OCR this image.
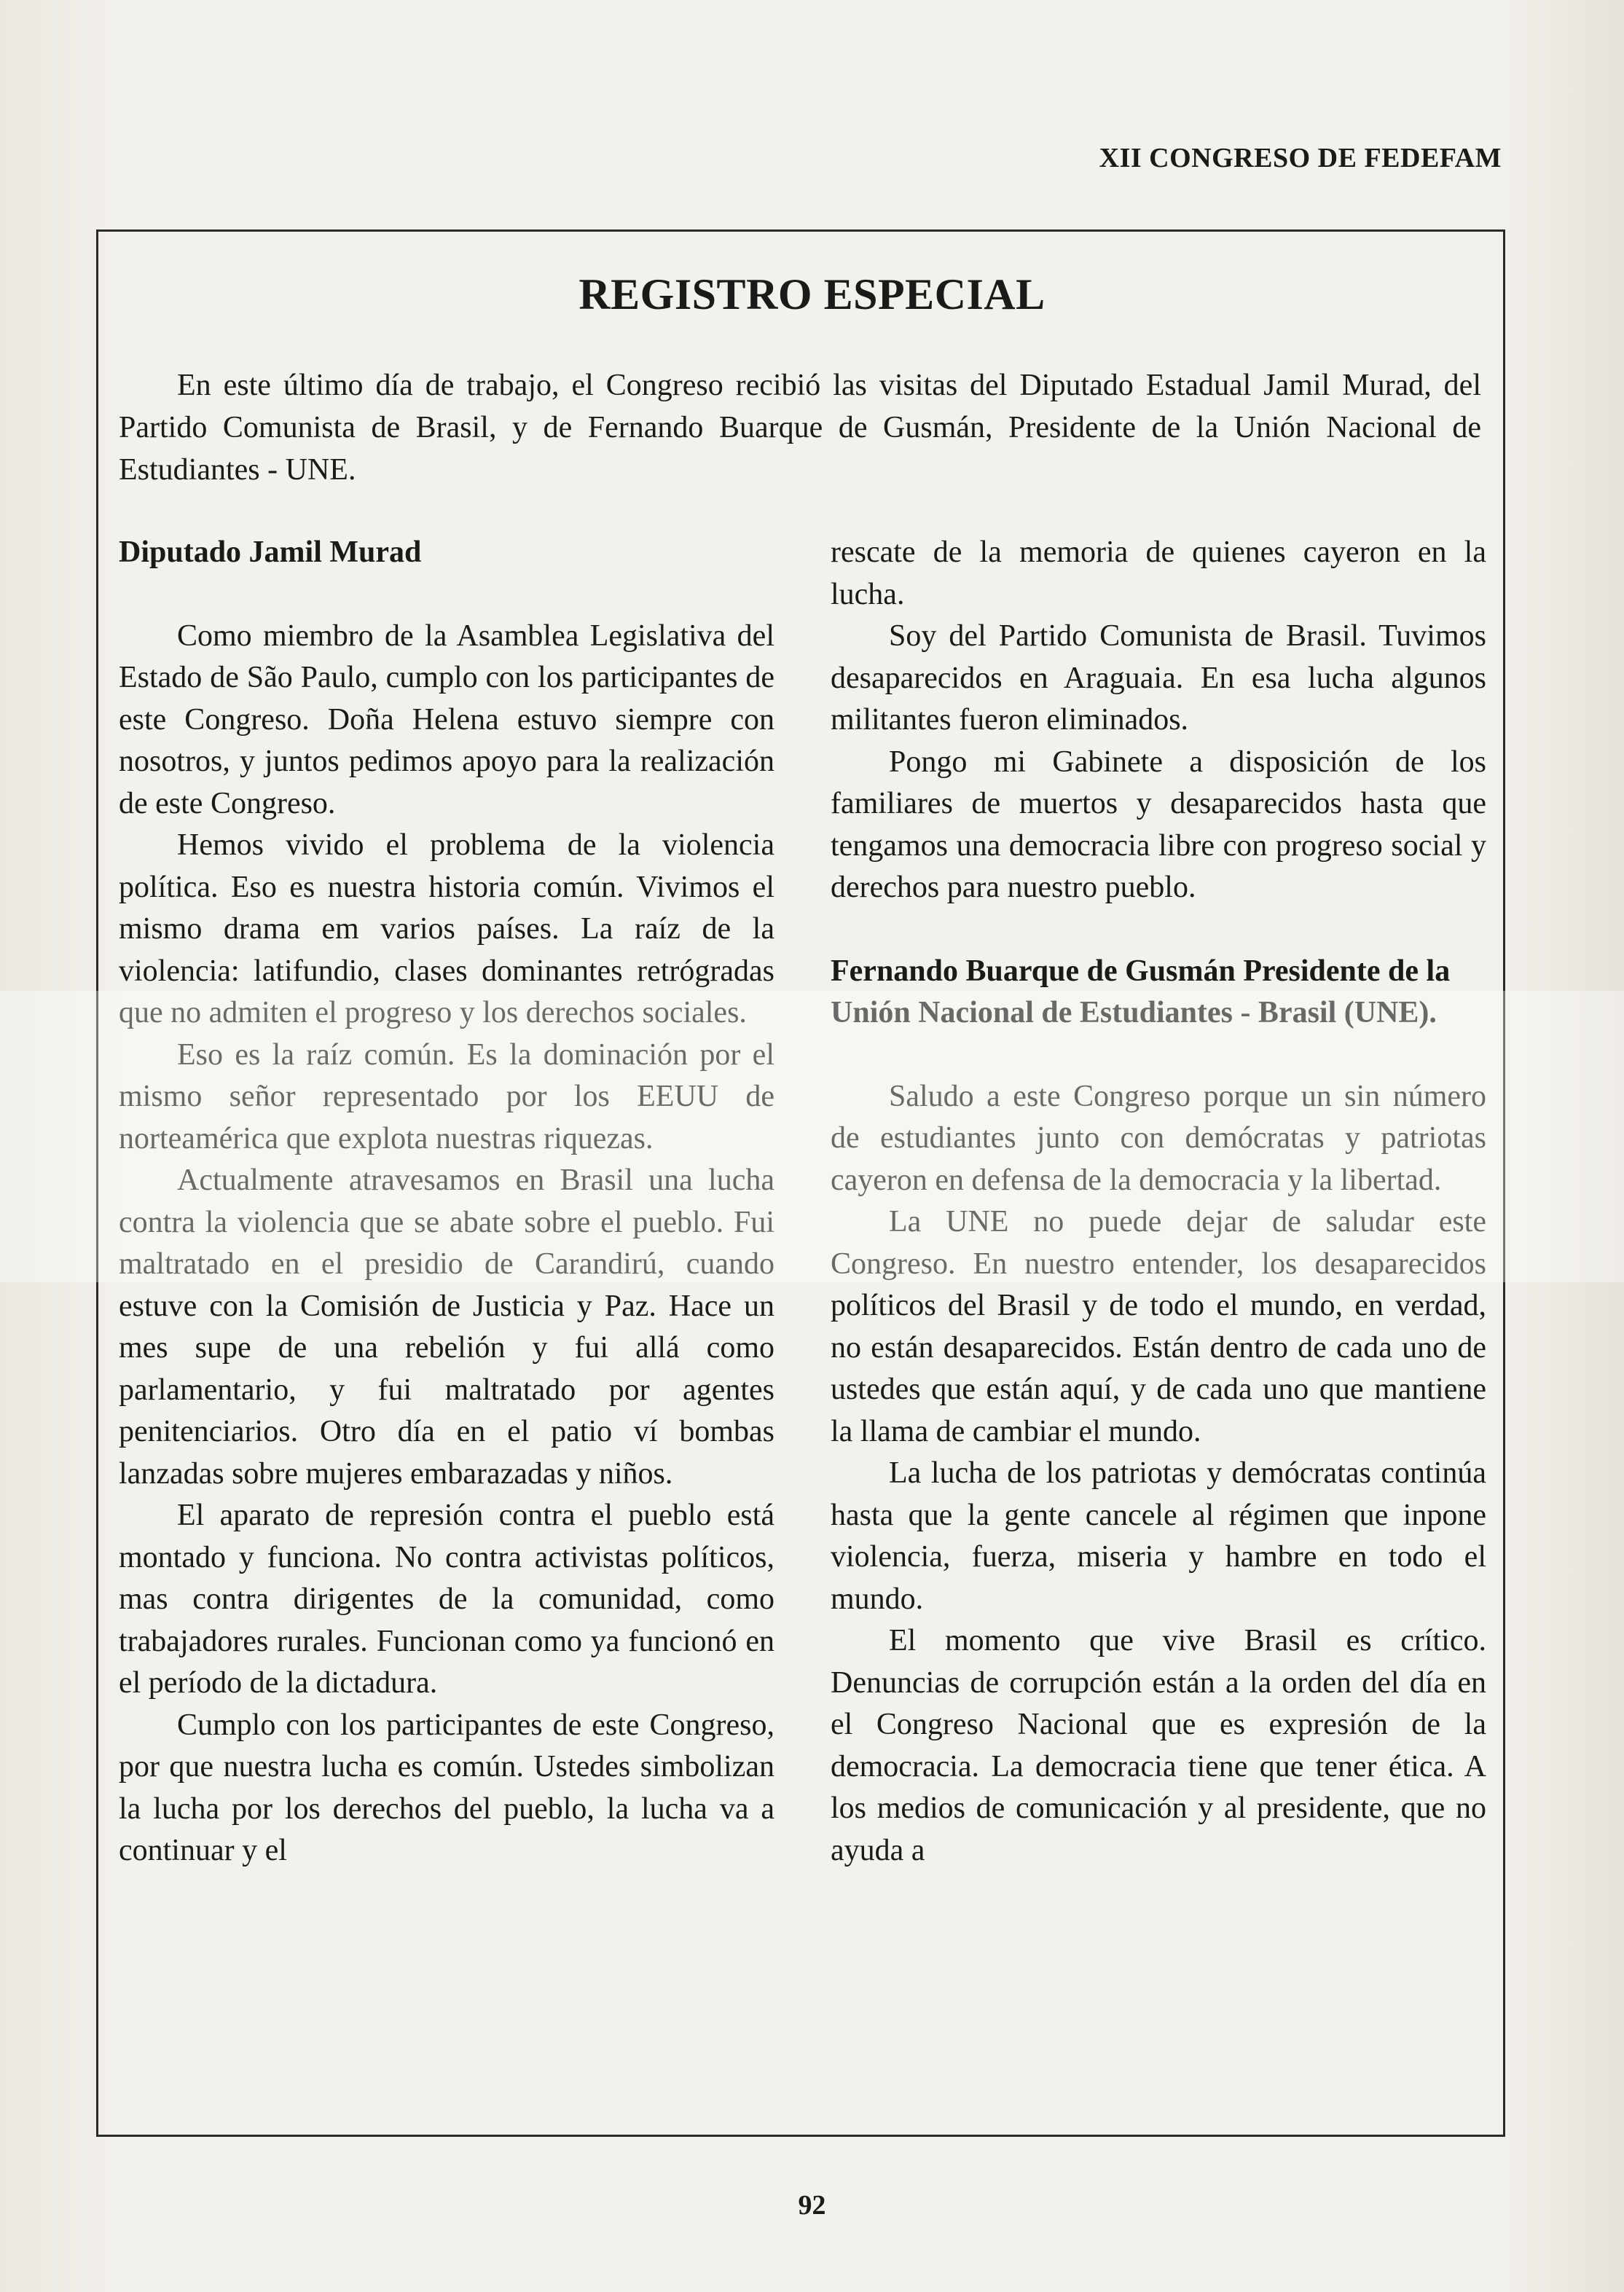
XII CONGRESO DE FEDEFAM
REGISTRO ESPECIAL

En este último día de trabajo, el Congreso recibió las visitas del Diputado Estadual Jamil Murad, del Partido Comunista de Brasil, y de Fernando Buarque de Gusmán, Presidente de la Unión Nacional de Estudiantes - UNE.

Diputado Jamil Murad

Como miembro de la Asamblea Legislativa del Estado de São Paulo, cumplo con los participantes de este Congreso. Doña Helena estuvo siempre con nosotros, y juntos pedimos apoyo para la realización de este Congreso.

Hemos vivido el problema de la violencia política. Eso es nuestra historia común. Vivimos el mismo drama em varios países. La raíz de la violencia: latifundio, clases dominantes retrógradas que no admiten el progreso y los derechos sociales.

Eso es la raíz común. Es la dominación por el mismo señor representado por los EEUU de norteamérica que explota nuestras riquezas.

Actualmente atravesamos en Brasil una lucha contra la violencia que se abate sobre el pueblo. Fui maltratado en el presidio de Carandirú, cuando estuve con la Comisión de Justicia y Paz. Hace un mes supe de una rebelión y fui allá como parlamentario, y fui maltratado por agentes penitenciarios. Otro día en el patio ví bombas lanzadas sobre mujeres embarazadas y niños.

El aparato de represión contra el pueblo está montado y funciona. No contra activistas políticos, mas contra dirigentes de la comunidad, como trabajadores rurales. Funcionan como ya funcionó en el período de la dictadura.

Cumplo con los participantes de este Congreso, por que nuestra lucha es común. Ustedes simbolizan la lucha por los derechos del pueblo, la lucha va a continuar y el

rescate de la memoria de quienes cayeron en la lucha.

Soy del Partido Comunista de Brasil. Tuvimos desaparecidos en Araguaia. En esa lucha algunos militantes fueron eliminados.

Pongo mi Gabinete a disposición de los familiares de muertos y desaparecidos hasta que tengamos una democracia libre con progreso social y derechos para nuestro pueblo.

Fernando Buarque de Gusmán Presidente de la Unión Nacional de Estudiantes - Brasil (UNE).

Saludo a este Congreso porque un sin número de estudiantes junto con demócratas y patriotas cayeron en defensa de la democracia y la libertad.

La UNE no puede dejar de saludar este Congreso. En nuestro entender, los desaparecidos políticos del Brasil y de todo el mundo, en verdad, no están desaparecidos. Están dentro de cada uno de ustedes que están aquí, y de cada uno que mantiene la llama de cambiar el mundo.

La lucha de los patriotas y demócratas continúa hasta que la gente cancele al régimen que inpone violencia, fuerza, miseria y hambre en todo el mundo.

El momento que vive Brasil es crítico. Denuncias de corrupción están a la orden del día en el Congreso Nacional que es expresión de la democracia. La democracia tiene que tener ética. A los medios de comunicación y al presidente, que no ayuda a

92
